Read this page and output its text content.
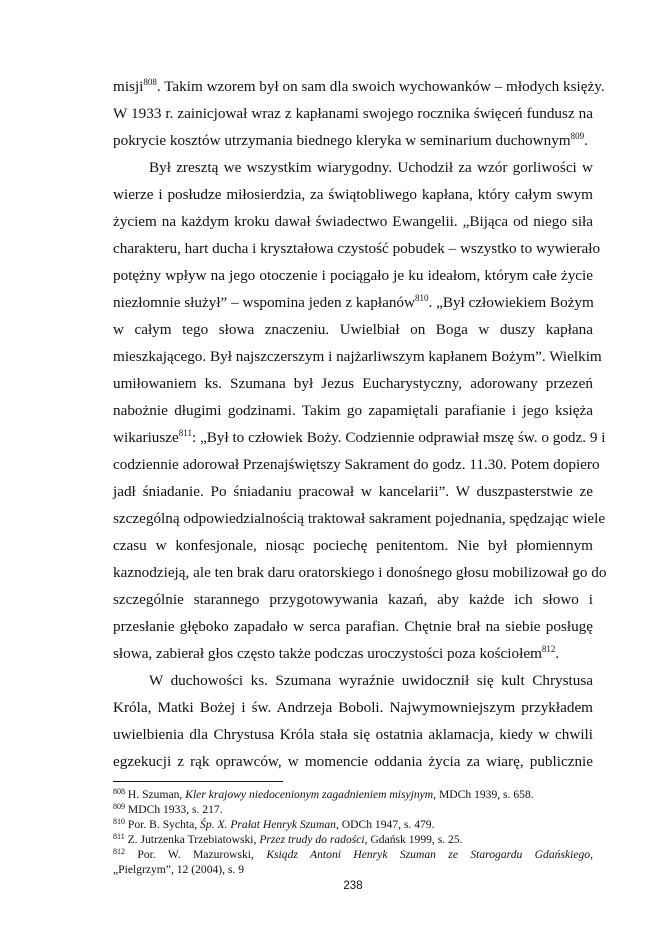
misji$^{808}$. Takim wzorem był on sam dla swoich wychowanków – młodych księży.
W 1933 r. zainicjował wraz z kapłanami swojego rocznika święceń fundusz na
pokrycie kosztów utrzymania biednego kleryka w seminarium duchownym$^{809}$.
Był zresztą we wszystkim wiarygodny. Uchodził za wzór gorliwości w
wierze i posłudze miłosierdzia, za świątobliwego kapłana, który całym swym
życiem na każdym kroku dawał świadectwo Ewangelii. „Bijąca od niego siła
charakteru, hart ducha i kryształowa czystość pobudek – wszystko to wywierało
potężny wpływ na jego otoczenie i pociągało je ku ideałom, którym całe życie
niezłomnie służył” – wspomina jeden z kapłanów$^{810}$. „Był człowiekiem Bożym
w całym tego słowa znaczeniu. Uwielbiał on Boga w duszy kapłana
mieszkającego. Był najszczerszym i najżarliwszym kapłanem Bożym”. Wielkim
umiłowaniem ks. Szumana był Jezus Eucharystyczny, adorowany przezeń
nabożnie długimi godzinami. Takim go zapamiętali parafianie i jego księża
wikariusze$^{811}$: „Był to człowiek Boży. Codziennie odprawiał mszę św. o godz. 9 i
codziennie adorował Przenajświętszy Sakrament do godz. 11.30. Potem dopiero
jadł śniadanie. Po śniadaniu pracował w kancelarii”. W duszpasterstwie ze
szczególną odpowiedzialnością traktował sakrament pojednania, spędzając wiele
czasu w konfesjonale, niosąc pociechę penitentom. Nie był płomiennym
kaznodzieją, ale ten brak daru oratorskiego i donośnego głosu mobilizował go do
szczególnie starannego przygotowywania kazań, aby każde ich słowo i
przesłanie głęboko zapadało w serca parafian. Chętnie brał na siebie posługę
słowa, zabierał głos często także podczas uroczystości poza kościołem$^{812}$.
W duchowości ks. Szumana wyraźnie uwidocznił się kult Chrystusa
Króla, Matki Bożej i św. Andrzeja Boboli. Najwymowniejszym przykładem
uwielbienia dla Chrystusa Króla stała się ostatnia aklamacja, kiedy w chwili
egzekucji z rąk oprawców, w momencie oddania życia za wiarę, publicznie
$^{808}$ H. Szuman, Kler krajowy niedocenionym zagadnieniem misyjnym, MDCh 1939, s. 658.
$^{809}$ MDCh 1933, s. 217.
$^{810}$ Por. B. Sychta, Śp. X. Prałat Henryk Szuman, ODCh 1947, s. 479.
$^{811}$ Z. Jutrzenka Trzebiatowski, Przez trudy do radości, Gdańsk 1999, s. 25.
$^{812}$ Por. W. Mazurowski, Ksiądz Antoni Henryk Szuman ze Starogardu Gdańskiego,
„Pielgrzym”, 12 (2004), s. 9
238
